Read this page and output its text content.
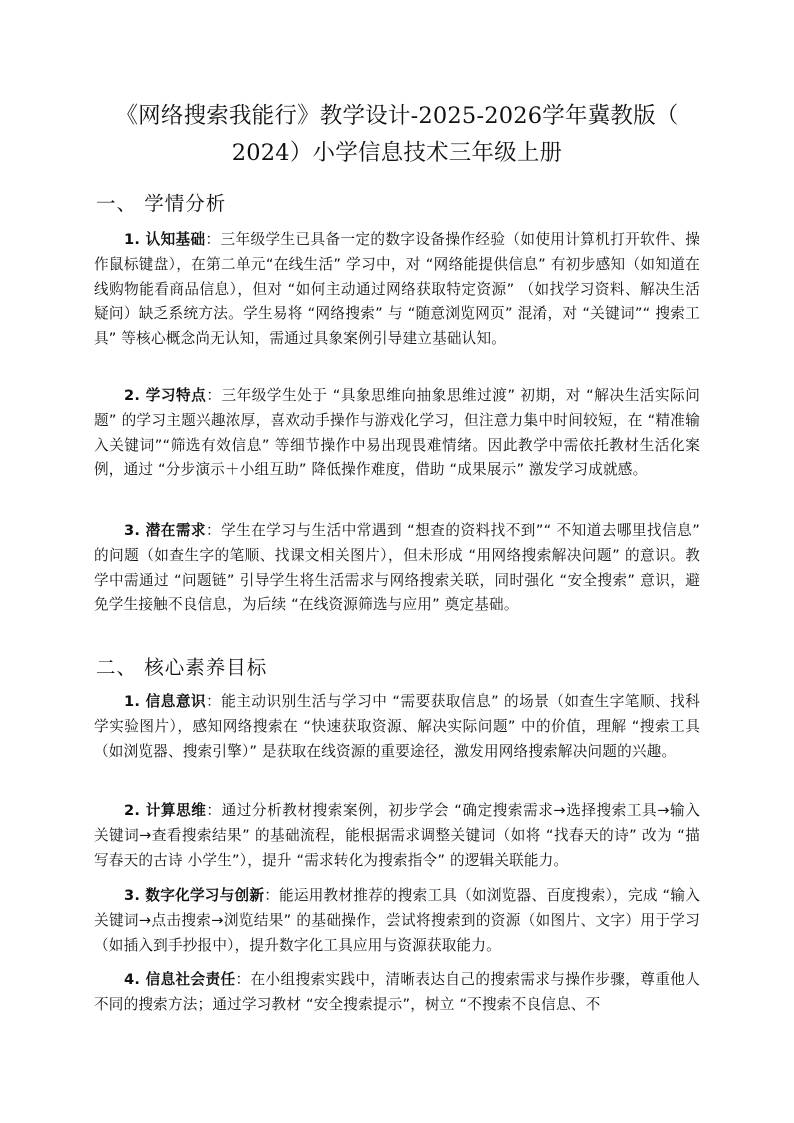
《网络搜索我能行》教学设计-2025-2026学年冀教版（
2024）小学信息技术三年级上册
一、 学情分析
1. 认知基础：三年级学生已具备一定的数字设备操作经验（如使用计算机打开软件、操作鼠标键盘），在第二单元“在线生活” 学习中，对 “网络能提供信息” 有初步感知（如知道在线购物能看商品信息），但对 “如何主动通过网络获取特定资源” （如找学习资料、解决生活疑问）缺乏系统方法。学生易将 “网络搜索” 与 “随意浏览网页” 混淆，对 “关键词”“ 搜索工具” 等核心概念尚无认知，需通过具象案例引导建立基础认知。
2. 学习特点：三年级学生处于 “具象思维向抽象思维过渡” 初期，对 “解决生活实际问题” 的学习主题兴趣浓厚，喜欢动手操作与游戏化学习，但注意力集中时间较短，在 “精准输入关键词”“筛选有效信息” 等细节操作中易出现畏难情绪。因此教学中需依托教材生活化案例，通过 “分步演示＋小组互助” 降低操作难度，借助 “成果展示” 激发学习成就感。
3. 潜在需求：学生在学习与生活中常遇到 “想查的资料找不到”“ 不知道去哪里找信息” 的问题（如查生字的笔顺、找课文相关图片），但未形成 “用网络搜索解决问题” 的意识。教学中需通过 “问题链” 引导学生将生活需求与网络搜索关联，同时强化 “安全搜索” 意识，避免学生接触不良信息，为后续 “在线资源筛选与应用” 奠定基础。
二、 核心素养目标
1. 信息意识：能主动识别生活与学习中 “需要获取信息” 的场景（如查生字笔顺、找科学实验图片），感知网络搜索在 “快速获取资源、解决实际问题” 中的价值，理解 “搜索工具（如浏览器、搜索引擎）” 是获取在线资源的重要途径，激发用网络搜索解决问题的兴趣。
2. 计算思维：通过分析教材搜索案例，初步学会 “确定搜索需求→选择搜索工具→输入关键词→查看搜索结果” 的基础流程，能根据需求调整关键词（如将 “找春天的诗” 改为 “描写春天的古诗 小学生”），提升 “需求转化为搜索指令” 的逻辑关联能力。
3. 数字化学习与创新：能运用教材推荐的搜索工具（如浏览器、百度搜索），完成 “输入关键词→点击搜索→浏览结果” 的基础操作，尝试将搜索到的资源（如图片、文字）用于学习（如插入到手抄报中），提升数字化工具应用与资源获取能力。
4. 信息社会责任：在小组搜索实践中，清晰表达自己的搜索需求与操作步骤，尊重他人不同的搜索方法；通过学习教材 “安全搜索提示”，树立 “不搜索不良信息、不
